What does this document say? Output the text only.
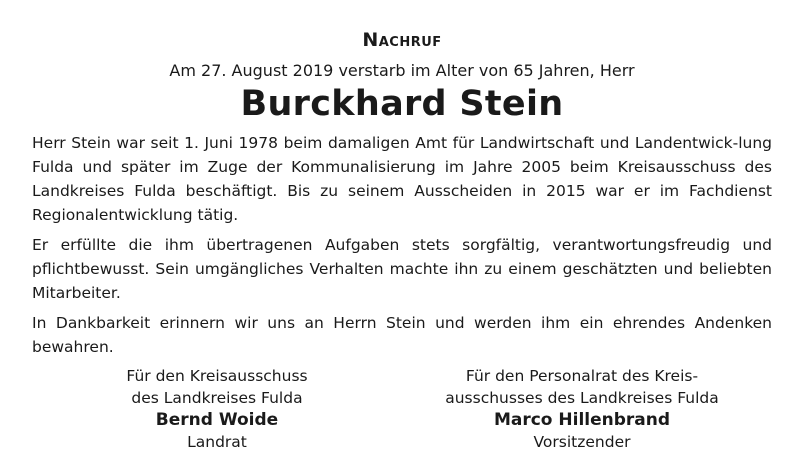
Nachruf
Am 27. August 2019 verstarb im Alter von 65 Jahren, Herr
Burckhard Stein

Herr Stein war seit 1. Juni 1978 beim damaligen Amt für Landwirtschaft und Landentwick-lung Fulda und später im Zuge der Kommunalisierung im Jahre 2005 beim Kreisausschuss des Landkreises Fulda beschäftigt. Bis zu seinem Ausscheiden in 2015 war er im Fachdienst Regionalentwicklung tätig.

Er erfüllte die ihm übertragenen Aufgaben stets sorgfältig, verantwortungsfreudig und pflichtbewusst. Sein umgängliches Verhalten machte ihn zu einem geschätzten und beliebten Mitarbeiter.

In Dankbarkeit erinnern wir uns an Herrn Stein und werden ihm ein ehrendes Andenken bewahren.

Für den Kreisausschuss
des Landkreises Fulda
Bernd Woide
Landrat
Für den Personalrat des Kreis-
ausschusses des Landkreises Fulda
Marco Hillenbrand
Vorsitzender
